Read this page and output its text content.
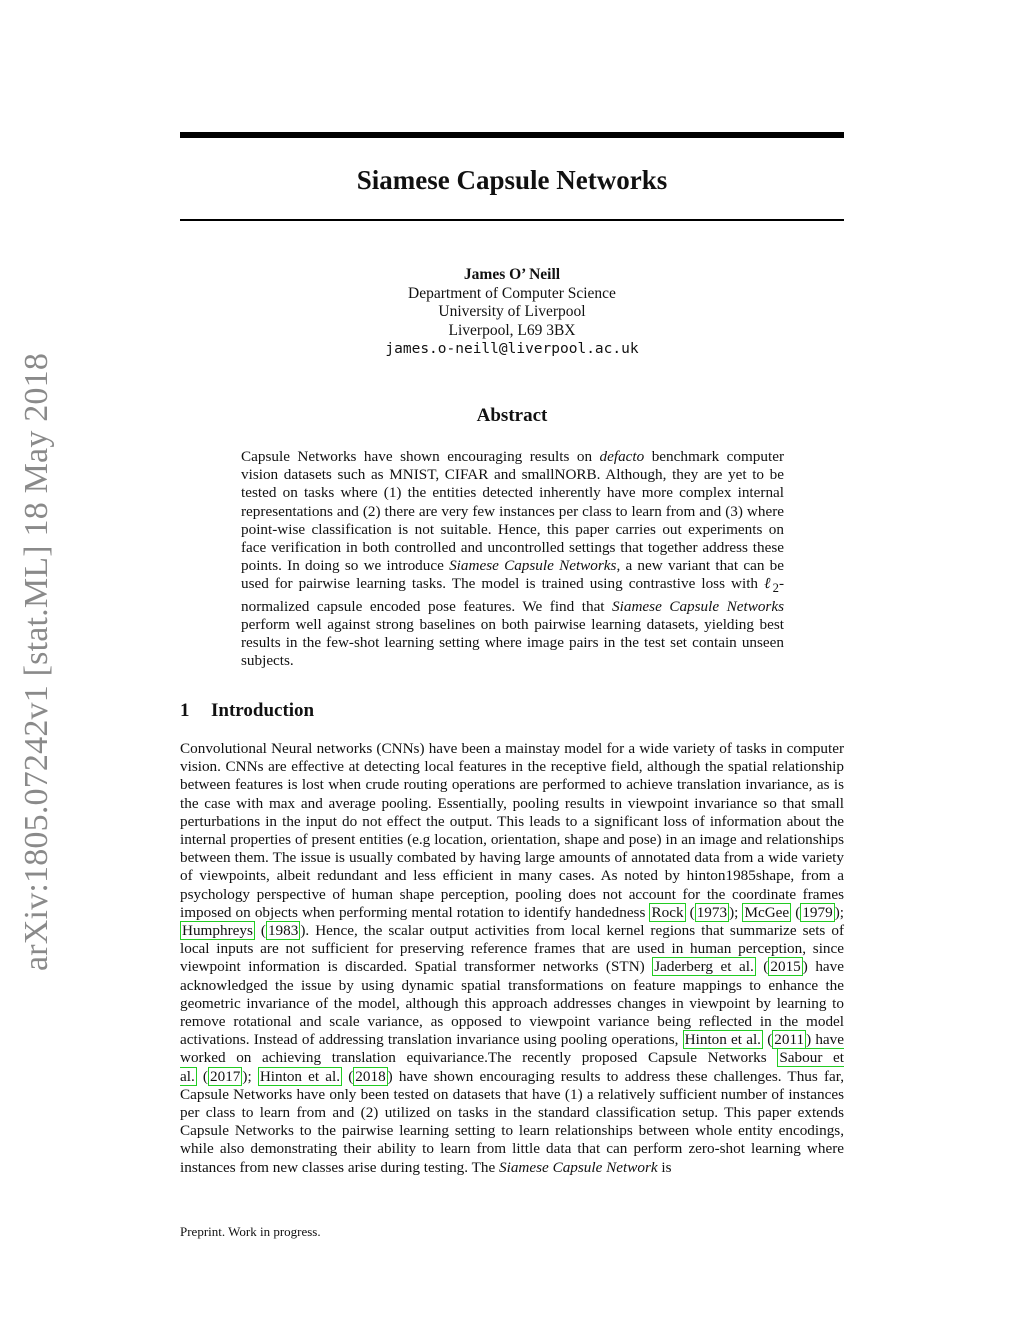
arXiv:1805.07242v1 [stat.ML] 18 May 2018
Siamese Capsule Networks
James O’ Neill
Department of Computer Science
University of Liverpool
Liverpool, L69 3BX
james.o-neill@liverpool.ac.uk
Abstract

Capsule Networks have shown encouraging results on defacto benchmark computer vision datasets such as MNIST, CIFAR and smallNORB. Although, they are yet to be tested on tasks where (1) the entities detected inherently have more complex internal representations and (2) there are very few instances per class to learn from and (3) where point-wise classification is not suitable. Hence, this paper carries out experiments on face verification in both controlled and uncontrolled settings that together address these points. In doing so we introduce Siamese Capsule Networks, a new variant that can be used for pairwise learning tasks. The model is trained using contrastive loss with ℓ$_2$-normalized capsule encoded pose features. We find that Siamese Capsule Networks perform well against strong baselines on both pairwise learning datasets, yielding best results in the few-shot learning setting where image pairs in the test set contain unseen subjects.

1 Introduction

Convolutional Neural networks (CNNs) have been a mainstay model for a wide variety of tasks in computer vision. CNNs are effective at detecting local features in the receptive field, although the spatial relationship between features is lost when crude routing operations are performed to achieve translation invariance, as is the case with max and average pooling. Essentially, pooling results in viewpoint invariance so that small perturbations in the input do not effect the output. This leads to a significant loss of information about the internal properties of present entities (e.g location, orientation, shape and pose) in an image and relationships between them. The issue is usually combated by having large amounts of annotated data from a wide variety of viewpoints, albeit redundant and less efficient in many cases. As noted by hinton1985shape, from a psychology perspective of human shape perception, pooling does not account for the coordinate frames imposed on objects when performing mental rotation to identify handedness Rock ( 1973 ); McGee ( 1979 ); Humphreys ( 1983 ). Hence, the scalar output activities from local kernel regions that summarize sets of local inputs are not sufficient for preserving reference frames that are used in human perception, since viewpoint information is discarded. Spatial transformer networks (STN) Jaderberg et al. ( 2015 ) have acknowledged the issue by using dynamic spatial transformations on feature mappings to enhance the geometric invariance of the model, although this approach addresses changes in viewpoint by learning to remove rotational and scale variance, as opposed to viewpoint variance being reflected in the model activations. Instead of addressing translation invariance using pooling operations, Hinton et al. ( 2011 ) have worked on achieving translation equivariance.The recently proposed Capsule Networks Sabour et al. ( 2017 ); Hinton et al. ( 2018 ) have shown encouraging results to address these challenges. Thus far, Capsule Networks have only been tested on datasets that have (1) a relatively sufficient number of instances per class to learn from and (2) utilized on tasks in the standard classification setup. This paper extends Capsule Networks to the pairwise learning setting to learn relationships between whole entity encodings, while also demonstrating their ability to learn from little data that can perform zero-shot learning where instances from new classes arise during testing. The Siamese Capsule Network is

Preprint. Work in progress.
